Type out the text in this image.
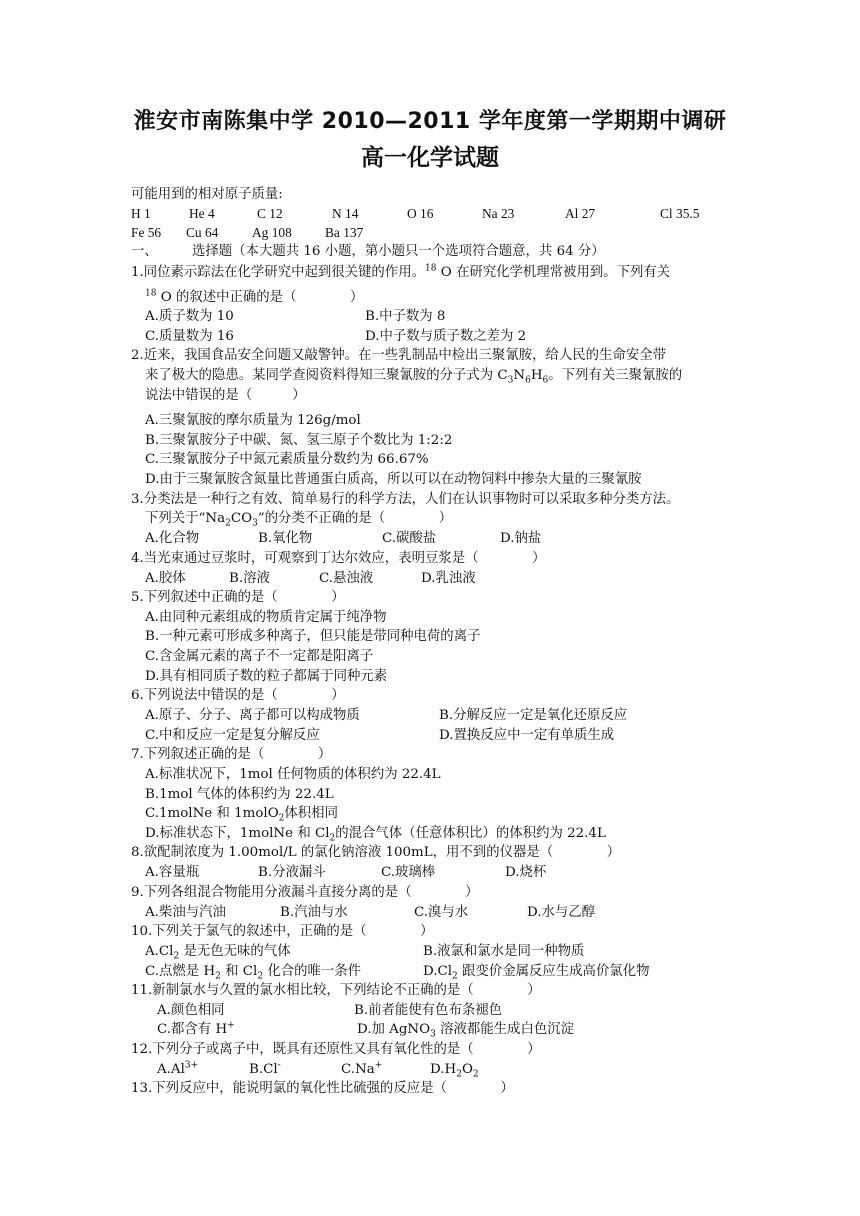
淮安市南陈集中学 2010—2011 学年度第一学期期中调研
高一化学试题
可能用到的相对原子质量:
H 1	He 4	C 12	N 14	O 16	Na 23	Al 27	Cl 35.5
Fe 56 Cu 64	Ag 108 Ba 137
一、	选择题（本大题共 16 小题，第小题只一个选项符合题意，共 64 分）
1.同位素示踪法在化学研究中起到很关键的作用。$^{18}$ O 在研究化学机理常被用到。下列有关
$^{18}$ O 的叙述中正确的是（　　　　）
A.质子数为 10	B.中子数为 8
C.质量数为 16	D.中子数与质子数之差为 2
2.近来，我国食品安全问题又敲警钟。在一些乳制品中检出三聚氰胺，给人民的生命安全带
来了极大的隐患。某同学查阅资料得知三聚氰胺的分子式为 $C_3N_6H_6$。下列有关三聚氰胺的
说法中错误的是（　　　）
A.三聚氰胺的摩尔质量为 126g/mol
B.三聚氰胺分子中碳、氮、氢三原子个数比为 1:2:2
C.三聚氰胺分子中氮元素质量分数约为 66.67%
D.由于三聚氰胺含氮量比普通蛋白质高，所以可以在动物饲料中掺杂大量的三聚氰胺
3.分类法是一种行之有效、简单易行的科学方法，人们在认识事物时可以采取多种分类方法。
下列关于“$Na_2CO_3$”的分类不正确的是（　　　　）
A.化合物	B.氧化物	C.碳酸盐	D.钠盐
4.当光束通过豆浆时，可观察到丁达尔效应，表明豆浆是（　　　　）
A.胶体	B.溶液	C.悬浊液	D.乳浊液
5.下列叙述中正确的是（　　　　）
A.由同种元素组成的物质肯定属于纯净物
B.一种元素可形成多种离子，但只能是带同种电荷的离子
C.含金属元素的离子不一定都是阳离子
D.具有相同质子数的粒子都属于同种元素
6.下列说法中错误的是（　　　　）
A.原子、分子、离子都可以构成物质	B.分解反应一定是氧化还原反应
C.中和反应一定是复分解反应	D.置换反应中一定有单质生成
7.下列叙述正确的是（　　　　）
A.标准状况下，1mol 任何物质的体积约为 22.4L
B.1mol 气体的体积约为 22.4L
C.1molNe 和 1molO$_2$体积相同
D.标准状态下，1molNe 和 $Cl_2$的混合气体（任意体积比）的体积约为 22.4L
8.欲配制浓度为 1.00mol/L 的氯化钠溶液 100mL，用不到的仪器是（　　　　）
A.容量瓶	B.分液漏斗	C.玻璃棒	D.烧杯
9.下列各组混合物能用分液漏斗直接分离的是（　　　　）
A.柴油与汽油	B.汽油与水	C.溴与水	D.水与乙醇
10.下列关于氯气的叙述中，正确的是（　　　　）
$A.Cl_2$ 是无色无味的气体	B.液氯和氯水是同一种物质
C.点燃是 $H_2$ 和 $Cl_2$ 化合的唯一条件	$D.Cl_2$ 跟变价金属反应生成高价氯化物
11.新制氯水与久置的氯水相比较，下列结论不正确的是（　　　　）
A.颜色相同	B.前者能使有色布条褪色
C.都含有 H+	D.加 AgNO$_3$ 溶液都能生成白色沉淀
12.下列分子或离子中，既具有还原性又具有氧化性的是（　　　　）
$A.Al^{3+}$	B.Cl-	C.Na+	$D.H_2O_2$
13.下列反应中，能说明氯的氧化性比硫强的反应是（　　　　）
